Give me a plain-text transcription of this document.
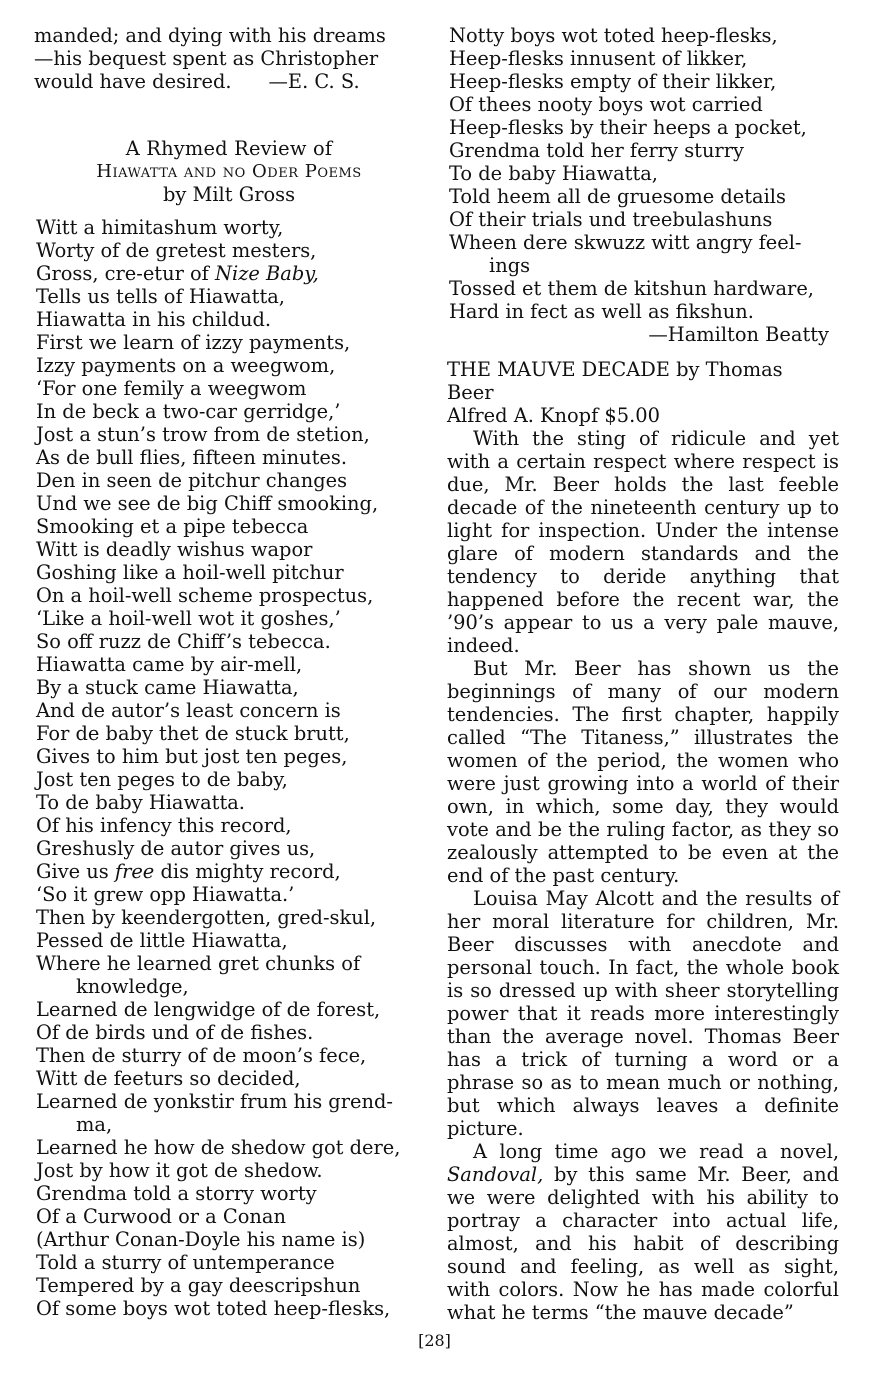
manded; and dying with his dreams
—his bequest spent as Christopher
would have desired.      —E. C. S.
A Rhymed Review of
Hiawatta and no Oder Poems
by Milt Gross
Witt a himitashum worty,
Worty of de gretest mesters,
Gross, cre-etur of Nize Baby,
Tells us tells of Hiawatta,
Hiawatta in his childud.
First we learn of izzy payments,
Izzy payments on a weegwom,
‘For one femily a weegwom
In de beck a two-car gerridge,’
Jost a stun’s trow from de stetion,
As de bull flies, fifteen minutes.
Den in seen de pitchur changes
Und we see de big Chiff smooking,
Smooking et a pipe tebecca
Witt is deadly wishus wapor
Goshing like a hoil-well pitchur
On a hoil-well scheme prospectus,
‘Like a hoil-well wot it goshes,’
So off ruzz de Chiff’s tebecca.
Hiawatta came by air-mell,
By a stuck came Hiawatta,
And de autor’s least concern is
For de baby thet de stuck brutt,
Gives to him but jost ten peges,
Jost ten peges to de baby,
To de baby Hiawatta.
Of his infency this record,
Greshusly de autor gives us,
Give us free dis mighty record,
‘So it grew opp Hiawatta.’
Then by keendergotten, gred-skul,
Pessed de little Hiawatta,
Where he learned gret chunks of
knowledge,
Learned de lengwidge of de forest,
Of de birds und of de fishes.
Then de sturry of de moon’s fece,
Witt de feeturs so decided,
Learned de yonkstir frum his grend-
ma,
Learned he how de shedow got dere,
Jost by how it got de shedow.
Grendma told a storry worty
Of a Curwood or a Conan
(Arthur Conan-Doyle his name is)
Told a sturry of untemperance
Tempered by a gay deescripshun
Of some boys wot toted heep-flesks,
Notty boys wot toted heep-flesks,
Heep-flesks innusent of likker,
Heep-flesks empty of their likker,
Of thees nooty boys wot carried
Heep-flesks by their heeps a pocket,
Grendma told her ferry sturry
To de baby Hiawatta,
Told heem all de gruesome details
Of their trials und treebulashuns
Wheen dere skwuzz witt angry feel-
ings
Tossed et them de kitshun hardware,
Hard in fect as well as fikshun.
—Hamilton Beatty
THE MAUVE DECADE by Thomas
Beer
Alfred A. Knopf $5.00

With the sting of ridicule and yet with a certain respect where respect is due, Mr. Beer holds the last feeble decade of the nineteenth century up to light for inspection. Under the intense glare of modern standards and the tendency to deride anything that happened before the recent war, the ’90’s appear to us a very pale mauve, indeed.

But Mr. Beer has shown us the beginnings of many of our modern tendencies. The first chapter, happily called “The Titaness,” illustrates the women of the period, the women who were just growing into a world of their own, in which, some day, they would vote and be the ruling factor, as they so zealously attempted to be even at the end of the past century.

Louisa May Alcott and the results of her moral literature for children, Mr. Beer discusses with anecdote and personal touch. In fact, the whole book is so dressed up with sheer storytelling power that it reads more interestingly than the average novel. Thomas Beer has a trick of turning a word or a phrase so as to mean much or nothing, but which always leaves a definite picture.

A long time ago we read a novel, Sandoval, by this same Mr. Beer, and we were delighted with his ability to portray a character into actual life, almost, and his habit of describing sound and feeling, as well as sight, with colors. Now he has made colorful what he terms “the mauve decade”

[28]
